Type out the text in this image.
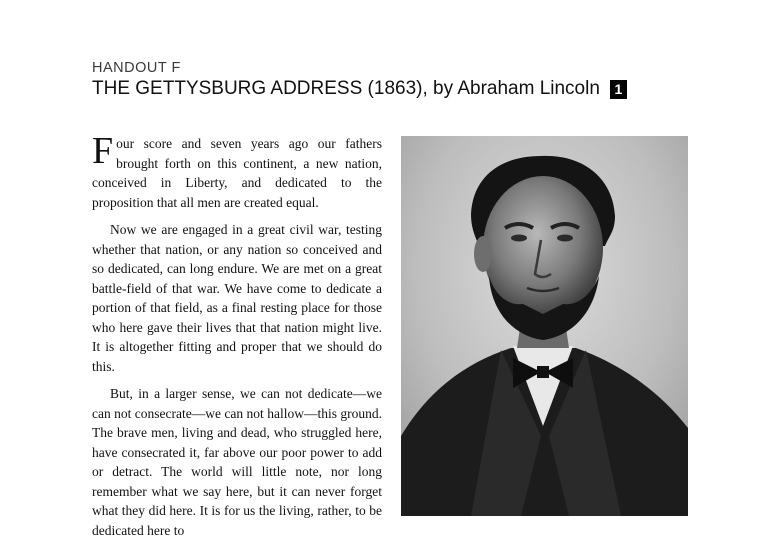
HANDOUT F
THE GETTYSBURG ADDRESS (1863), by Abraham Lincoln	1

Four score and seven years ago our fathers brought forth on this continent, a new nation, conceived in Liberty, and dedicated to the proposition that all men are created equal.

Now we are engaged in a great civil war, testing whether that nation, or any nation so conceived and so dedicated, can long endure. We are met on a great battle-field of that war. We have come to dedicate a portion of that field, as a final resting place for those who here gave their lives that that nation might live. It is altogether fitting and proper that we should do this.

But, in a larger sense, we can not dedicate—we can not consecrate—we can not hallow—this ground. The brave men, living and dead, who struggled here, have consecrated it, far above our poor power to add or detract. The world will little note, nor long remember what we say here, but it can never forget what they did here. It is for us the living, rather, to be dedicated here to
